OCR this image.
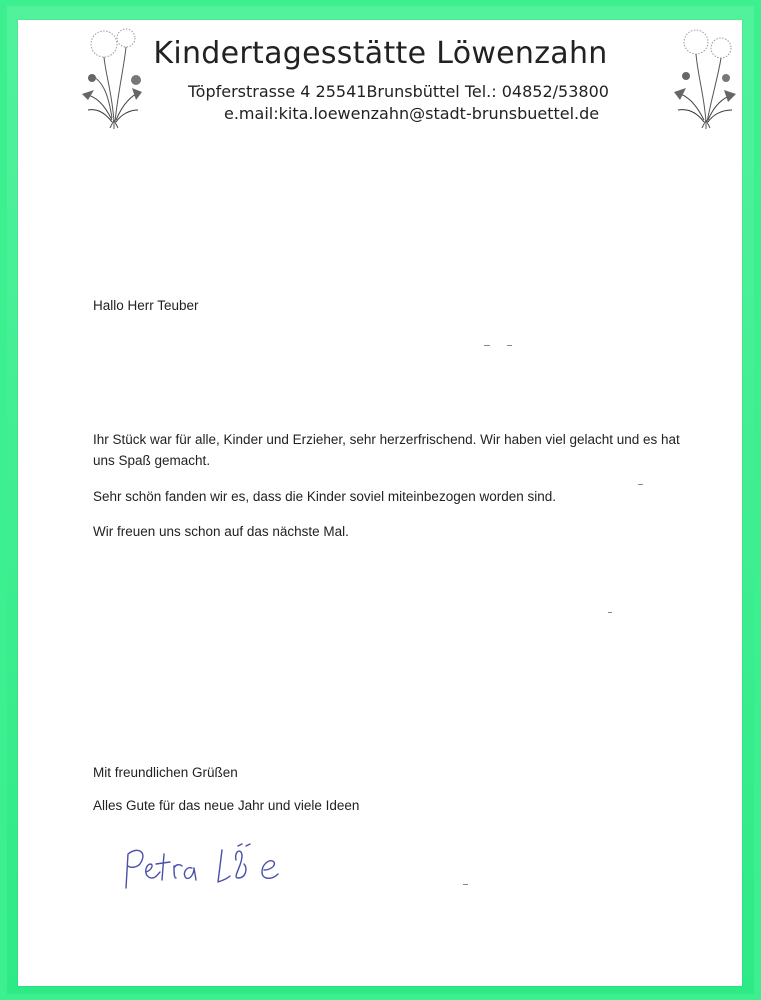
Kindertagesstätte Löwenzahn
Töpferstrasse 4 25541Brunsbüttel Tel.: 04852/53800
e.mail:kita.loewenzahn@stadt-brunsbuettel.de
Hallo Herr Teuber
Ihr Stück war für alle, Kinder und Erzieher, sehr herzerfrischend. Wir haben viel gelacht und es hat uns Spaß gemacht.
Sehr schön fanden wir es, dass die Kinder soviel miteinbezogen worden sind.
Wir freuen uns schon auf das nächste Mal.
Mit freundlichen Grüßen
Alles Gute für das neue Jahr und viele Ideen
